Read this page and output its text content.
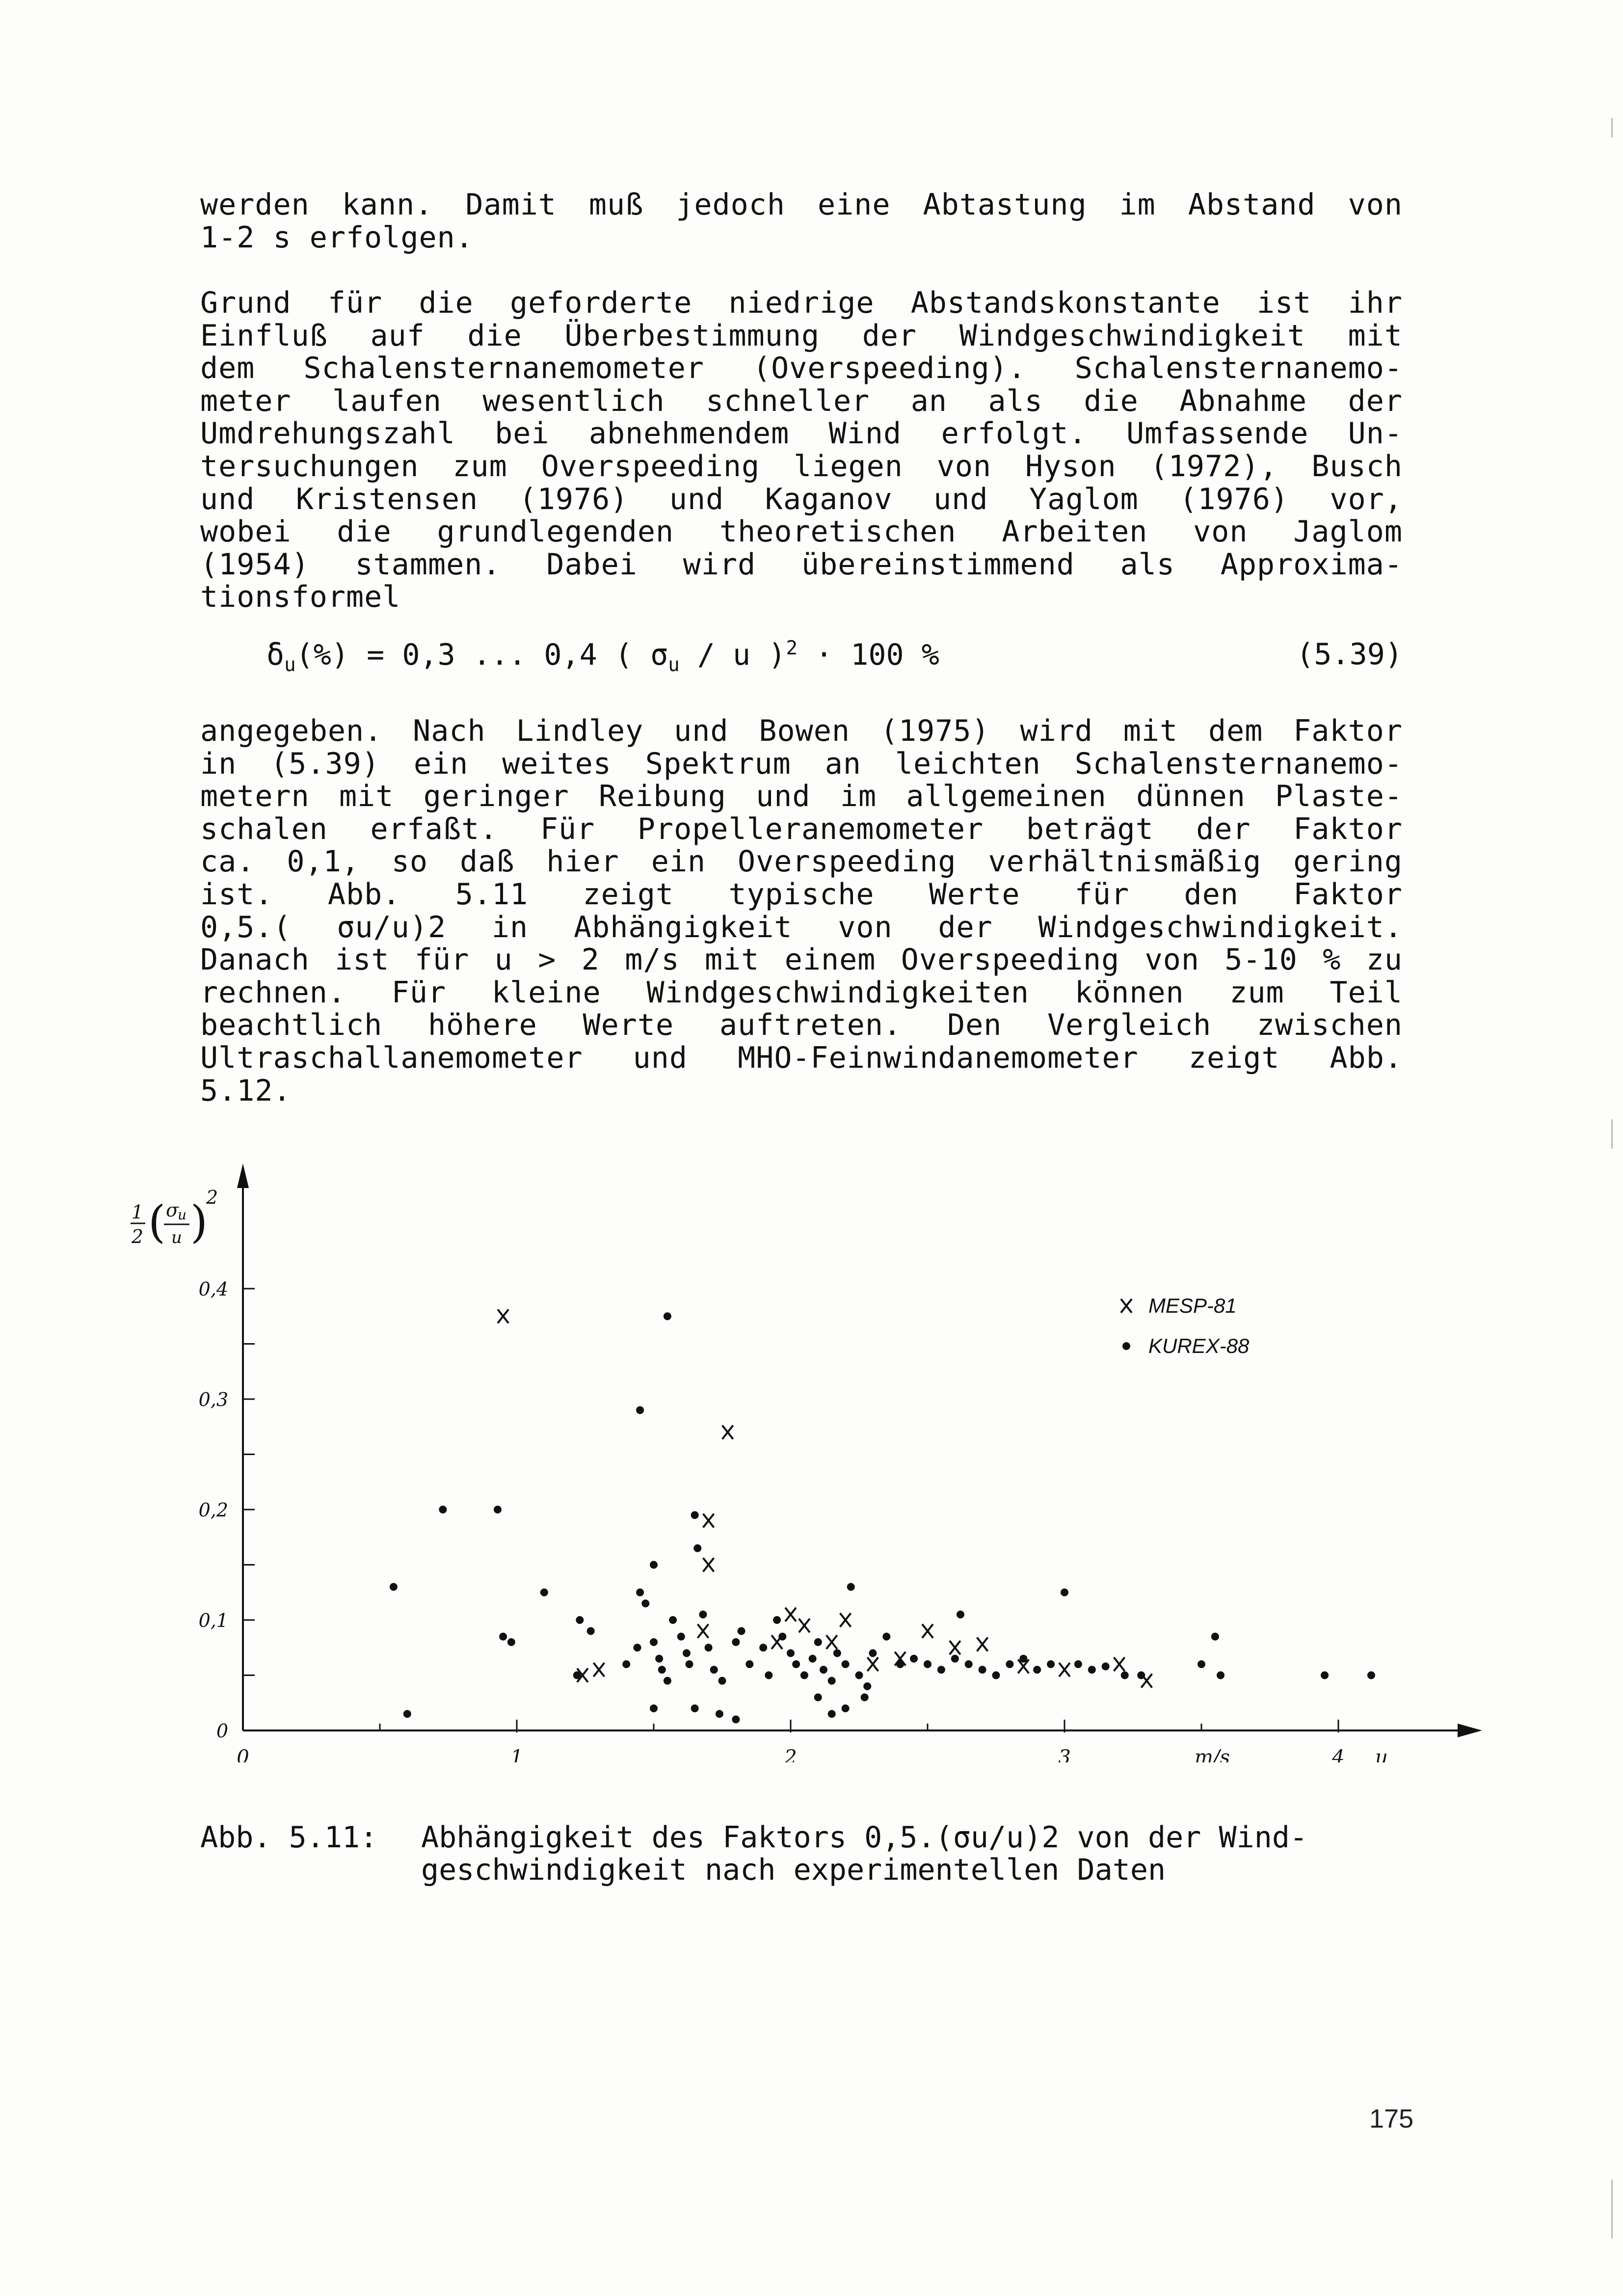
werden kann. Damit muß jedoch eine Abtastung im Abstand von
1-2 s erfolgen.
Grund für die geforderte niedrige Abstandskonstante ist ihr
Einfluß auf die Überbestimmung der Windgeschwindigkeit mit
dem Schalensternanemometer (Overspeeding). Schalensternanemo-
meter laufen wesentlich schneller an als die Abnahme der
Umdrehungszahl bei abnehmendem Wind erfolgt. Umfassende Un-
tersuchungen zum Overspeeding liegen von Hyson (1972), Busch
und Kristensen (1976) und Kaganov und Yaglom (1976) vor,
wobei die grundlegenden theoretischen Arbeiten von Jaglom
(1954) stammen. Dabei wird übereinstimmend als Approxima-
tionsformel
$\delta_u(\%) = 0,3$ ... 0,4 ( $\sigma_u$ / u )$^2$ · 100 %	(5.39)
angegeben. Nach Lindley und Bowen (1975) wird mit dem Faktor
in (5.39) ein weites Spektrum an leichten Schalensternanemo-
metern mit geringer Reibung und im allgemeinen dünnen Plaste-
schalen erfaßt. Für Propelleranemometer beträgt der Faktor
ca. 0,1, so daß hier ein Overspeeding verhältnismäßig gering
ist. Abb. 5.11 zeigt typische Werte für den Faktor
0,5.( σu/u)2 in Abhängigkeit von der Windgeschwindigkeit.
Danach ist für u > 2 m/s mit einem Overspeeding von 5-10 % zu
rechnen. Für kleine Windgeschwindigkeiten können zum Teil
beachtlich höhere Werte auftreten. Den Vergleich zwischen
Ultraschallanemometer und MHO-Feinwindanemometer zeigt Abb.
5.12.
0	1	2	3	4
m/s	u
0
0,1
0,2
0,3
0,4
1
2 ( σ
u
u )
2
MESP-81
KUREX-88
Abb. 5.11: Abhängigkeit des Faktors 0,5.(σu/u)2 von der Wind-
geschwindigkeit nach experimentellen Daten
175
